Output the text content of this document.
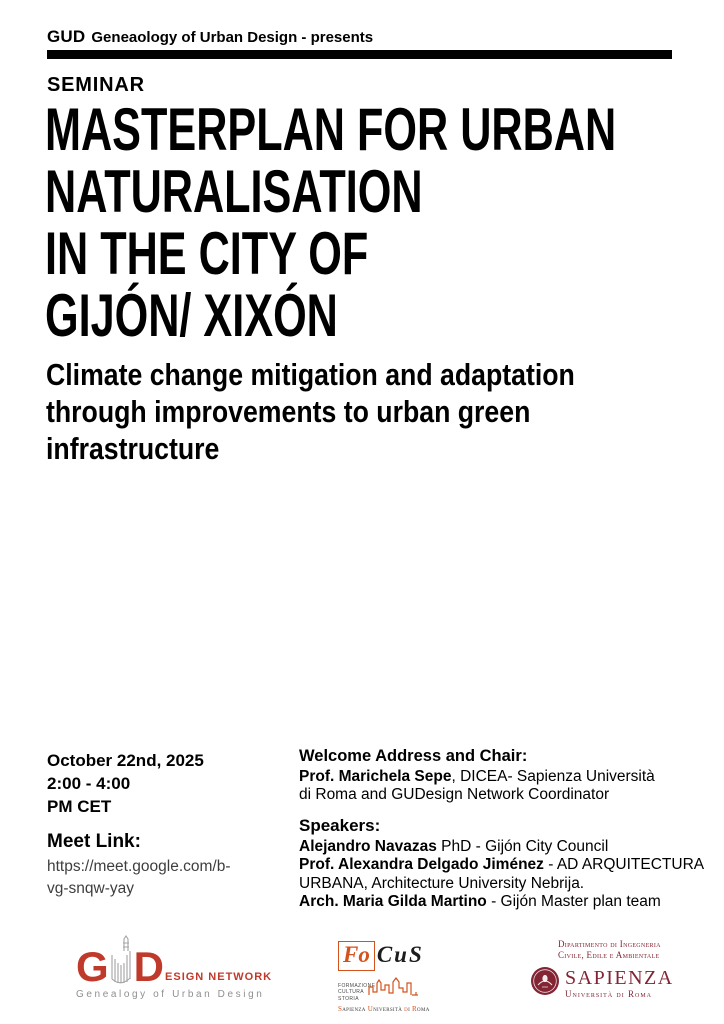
GUD Geneaology of Urban Design - presents
SEMINAR
MASTERPLAN FOR URBAN
NATURALISATION
IN THE CITY OF
GIJÓN/ XIXÓN
Climate change mitigation and adaptation
through improvements to urban green
infrastructure
October 22nd, 2025
2:00 - 4:00
PM CET
Meet Link:
https://meet.google.com/b-
vg-snqw-yay
Welcome Address and Chair:
Prof. Marichela Sepe, DICEA- Sapienza Università
di Roma and GUDesign Network Coordinator
Speakers:
Alejandro Navazas PhD - Gijón City Council
Prof. Alexandra Delgado Jiménez - AD ARQUITECTURA
URBANA, Architecture University Nebrija.
Arch. Maria Gilda Martino - Gijón Master plan team
G D ESIGN NETWORK
Genealogy of Urban Design
Fo CuS
FORMAZIONE
CULTURA
STORIA
Sapienza Università di Roma
Dipartimento di Ingegneria
Civile, Edile e Ambientale
SAPIENZA
Università di Roma
